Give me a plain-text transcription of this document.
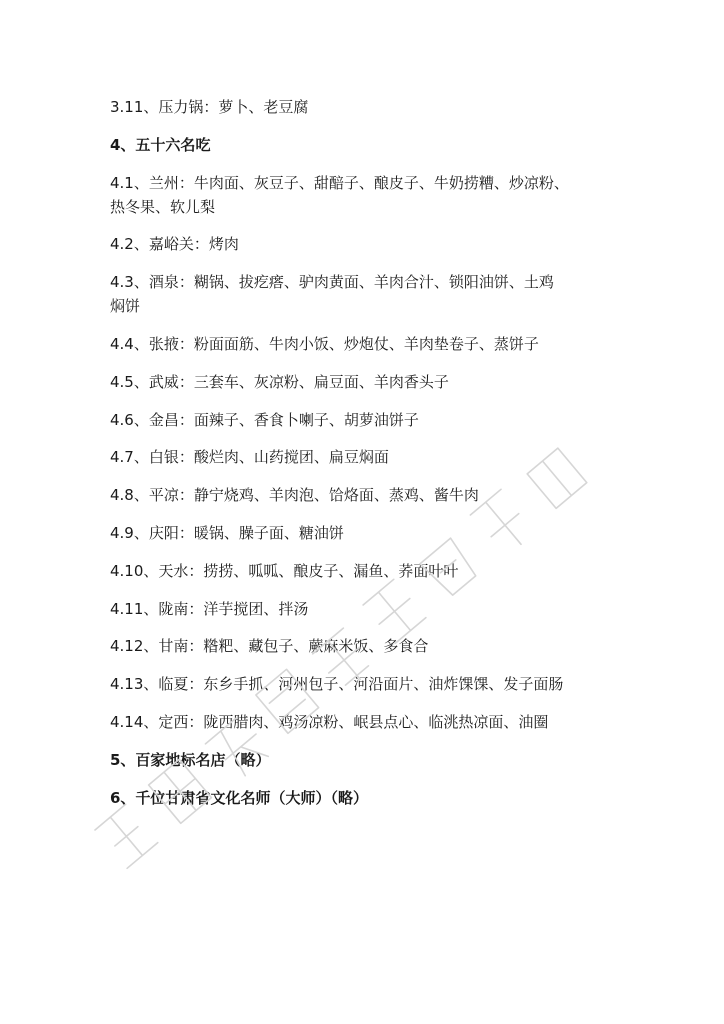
3.11、压力锅：萝卜、老豆腐
4、五十六名吃
4.1、兰州：牛肉面、灰豆子、甜醅子、酿皮子、牛奶捞糟、炒凉粉、
热冬果、软儿梨
4.2、嘉峪关：烤肉
4.3、酒泉：糊锅、拔疙瘩、驴肉黄面、羊肉合汁、锁阳油饼、土鸡
焖饼
4.4、张掖：粉面面筋、牛肉小饭、炒炮仗、羊肉垫卷子、蒸饼子
4.5、武威：三套车、灰凉粉、扁豆面、羊肉香头子
4.6、金昌：面辣子、香食卜喇子、胡萝油饼子
4.7、白银：酸烂肉、山药搅团、扁豆焖面
4.8、平凉：静宁烧鸡、羊肉泡、饸烙面、蒸鸡、酱牛肉
4.9、庆阳：暖锅、臊子面、糖油饼
4.10、天水：捞捞、呱呱、酿皮子、漏鱼、荞面叶叶
4.11、陇南：洋芋搅团、拌汤
4.12、甘南：糌粑、藏包子、蕨麻米饭、多食合
4.13、临夏：东乡手抓、河州包子、河沿面片、油炸馃馃、发子面肠
4.14、定西：陇西腊肉、鸡汤凉粉、岷县点心、临洮热凉面、油圈
5、百家地标名店（略）
6、千位甘肃省文化名师（大师）（略）
